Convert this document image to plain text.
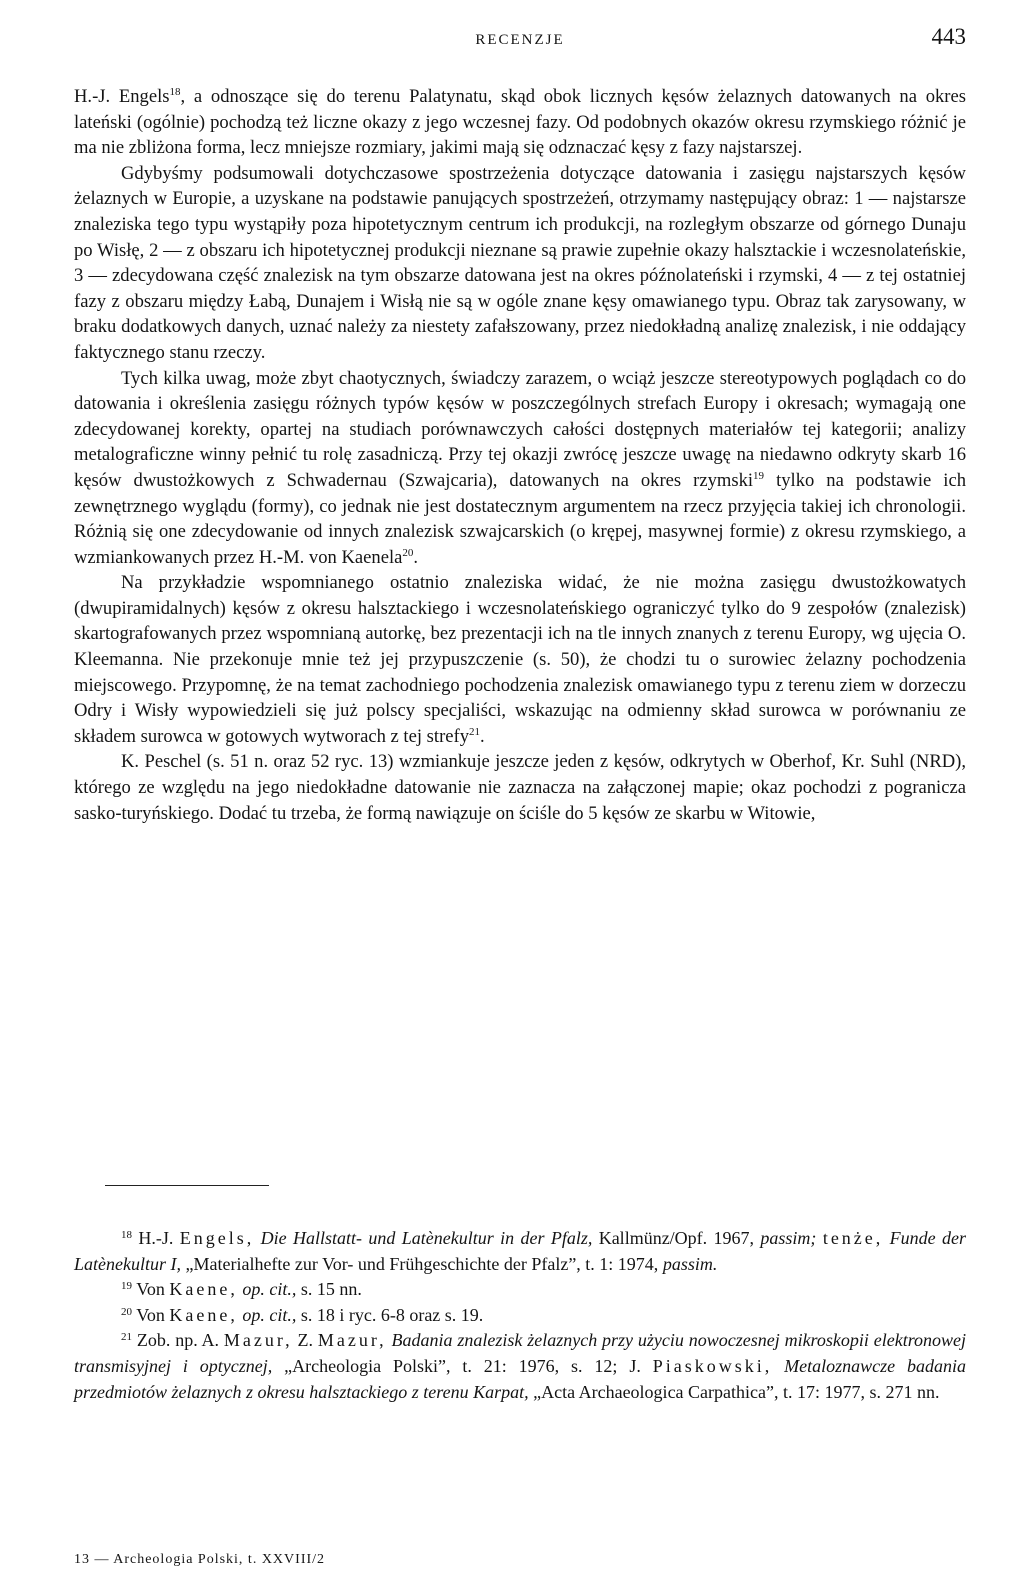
RECENZJE	443

H.-J. Engels$^{18}$, a odnoszące się do terenu Palatynatu, skąd obok licznych kęsów żelaznych datowanych na okres lateński (ogólnie) pochodzą też liczne okazy z jego wczesnej fazy. Od podobnych okazów okresu rzymskiego różnić je ma nie zbliżona forma, lecz mniejsze rozmiary, jakimi mają się odznaczać kęsy z fazy najstarszej.

Gdybyśmy podsumowali dotychczasowe spostrzeżenia dotyczące datowania i zasięgu najstarszych kęsów żelaznych w Europie, a uzyskane na podstawie panujących spostrzeżeń, otrzymamy następujący obraz: 1 — najstarsze znaleziska tego typu wystąpiły poza hipotetycznym centrum ich produkcji, na rozległym obszarze od górnego Dunaju po Wisłę, 2 — z obszaru ich hipotetycznej produkcji nieznane są prawie zupełnie okazy halsztackie i wczesnolateńskie, 3 — zdecydowana część znalezisk na tym obszarze datowana jest na okres późnolateński i rzymski, 4 — z tej ostatniej fazy z obszaru między Łabą, Dunajem i Wisłą nie są w ogóle znane kęsy omawianego typu. Obraz tak zarysowany, w braku dodatkowych danych, uznać należy za niestety zafałszowany, przez niedokładną analizę znalezisk, i nie oddający faktycznego stanu rzeczy.

Tych kilka uwag, może zbyt chaotycznych, świadczy zarazem, o wciąż jeszcze stereotypowych poglądach co do datowania i określenia zasięgu różnych typów kęsów w poszczególnych strefach Europy i okresach; wymagają one zdecydowanej korekty, opartej na studiach porównawczych całości dostępnych materiałów tej kategorii; analizy metalograficzne winny pełnić tu rolę zasadniczą. Przy tej okazji zwrócę jeszcze uwagę na niedawno odkryty skarb 16 kęsów dwustożkowych z Schwadernau (Szwajcaria), datowanych na okres rzymski$^{19}$ tylko na podstawie ich zewnętrznego wyglądu (formy), co jednak nie jest dostatecznym argumentem na rzecz przyjęcia takiej ich chronologii. Różnią się one zdecydowanie od innych znalezisk szwajcarskich (o krępej, masywnej formie) z okresu rzymskiego, a wzmiankowanych przez H.-M. von Kaenela$^{20}$.

Na przykładzie wspomnianego ostatnio znaleziska widać, że nie można zasięgu dwustożkowatych (dwupiramidalnych) kęsów z okresu halsztackiego i wczesnolateńskiego ograniczyć tylko do 9 zespołów (znalezisk) skartografowanych przez wspomnianą autorkę, bez prezentacji ich na tle innych znanych z terenu Europy, wg ujęcia O. Kleemanna. Nie przekonuje mnie też jej przypuszczenie (s. 50), że chodzi tu o surowiec żelazny pochodzenia miejscowego. Przypomnę, że na temat zachodniego pochodzenia znalezisk omawianego typu z terenu ziem w dorzeczu Odry i Wisły wypowiedzieli się już polscy specjaliści, wskazując na odmienny skład surowca w porównaniu ze składem surowca w gotowych wytworach z tej strefy$^{21}$.

K. Peschel (s. 51 n. oraz 52 ryc. 13) wzmiankuje jeszcze jeden z kęsów, odkrytych w Oberhof, Kr. Suhl (NRD), którego ze względu na jego niedokładne datowanie nie zaznacza na załączonej mapie; okaz pochodzi z pogranicza sasko-turyńskiego. Dodać tu trzeba, że formą nawiązuje on ściśle do 5 kęsów ze skarbu w Witowie,

$^{18}$ H.-J. Engels, Die Hallstatt- und Latènekultur in der Pfalz, Kallmünz/Opf. 1967, passim; tenże, Funde der Latènekultur I, „Materialhefte zur Vor- und Frühgeschichte der Pfalz”, t. 1: 1974, passim.

$^{19}$ Von Kaene, op. cit., s. 15 nn.

$^{20}$ Von Kaene, op. cit., s. 18 i ryc. 6-8 oraz s. 19.

$^{21}$ Zob. np. A. Mazur, Z. Mazur, Badania znalezisk żelaznych przy użyciu nowoczesnej mikroskopii elektronowej transmisyjnej i optycznej, „Archeologia Polski”, t. 21: 1976, s. 12; J. Piaskowski, Metaloznawcze badania przedmiotów żelaznych z okresu halsztackiego z terenu Karpat, „Acta Archaeologica Carpathica”, t. 17: 1977, s. 271 nn.

13 — Archeologia Polski, t. XXVIII/2
